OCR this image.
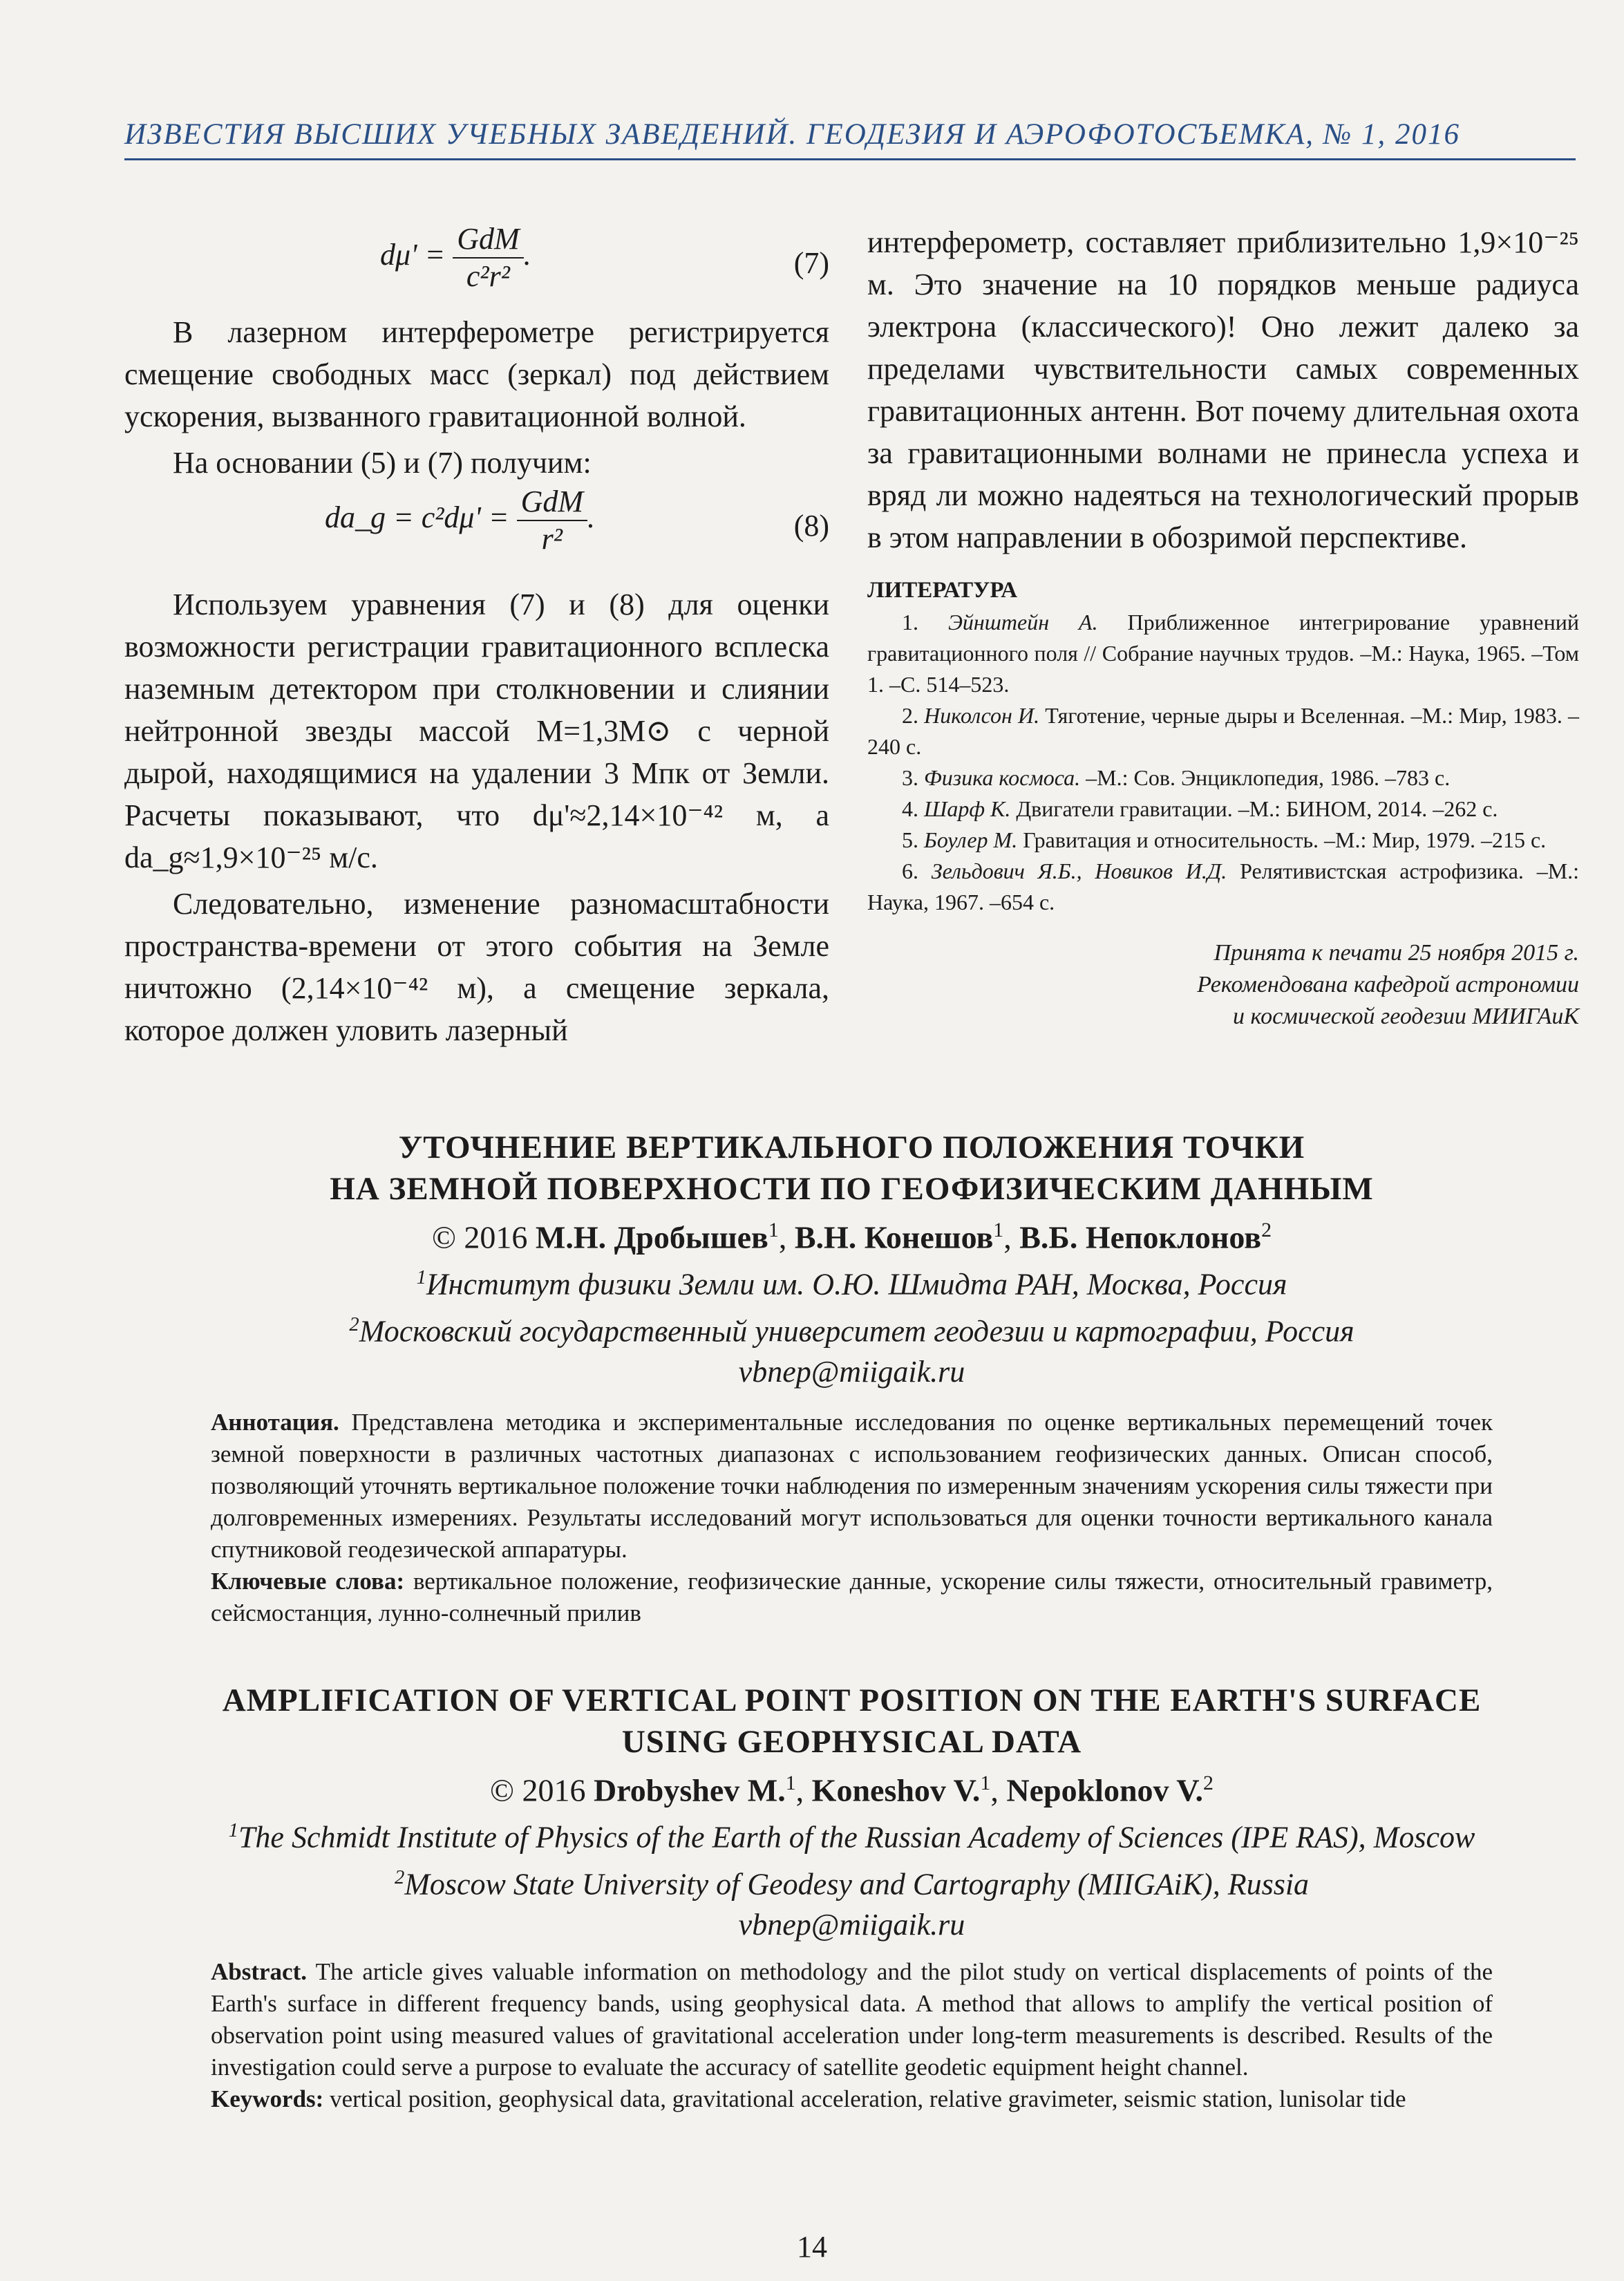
ИЗВЕСТИЯ ВЫСШИХ УЧЕБНЫХ ЗАВЕДЕНИЙ. ГЕОДЕЗИЯ И АЭРОФОТОСЪЕМКА, № 1, 2016
$d\mu' = \frac{\text{GdM}}{\text{c²r²}}$ .	(7)

В лазерном интерферометре регистрируется смещение свободных масс (зеркал) под действием ускорения, вызванного гравитационной волной.

На основании (5) и (7) получим:

da_g = $c^2d\mu' = \frac{\text{GdM}}{\text{r²}}$ .	(8)

Используем уравнения (7) и (8) для оценки возможности регистрации гравитационного всплеска наземным детектором при столкновении и слиянии нейтронной звезды массой M=1,3M⊙ с черной дырой, находящимися на удалении 3 Мпк от Земли. Расчеты показывают, что dμ'≈2,14×10⁻⁴² м, а da_g≈1,9×10⁻²⁵ м/с.

Следовательно, изменение разномасштабности пространства-времени от этого события на Земле ничтожно (2,14×10⁻⁴² м), а смещение зеркала, которое должен уловить лазерный

интерферометр, составляет приблизительно 1,9×10⁻²⁵ м. Это значение на 10 порядков меньше радиуса электрона (классического)! Оно лежит далеко за пределами чувствительности самых современных гравитационных антенн. Вот почему длительная охота за гравитационными волнами не принесла успеха и вряд ли можно надеяться на технологический прорыв в этом направлении в обозримой перспективе.

ЛИТЕРАТУРА

1. Эйнштейн А. Приближенное интегрирование уравнений гравитационного поля // Собрание научных трудов. –М.: Наука, 1965. –Том 1. –С. 514–523.

2. Николсон И. Тяготение, черные дыры и Вселенная. –М.: Мир, 1983. –240 с.

3. Физика космоса. –М.: Сов. Энциклопедия, 1986. –783 с.

4. Шарф К. Двигатели гравитации. –М.: БИНОМ, 2014. –262 с.

5. Боулер М. Гравитация и относительность. –М.: Мир, 1979. –215 с.

6. Зельдович Я.Б., Новиков И.Д. Релятивистская астрофизика. –М.: Наука, 1967. –654 с.

Принята к печати 25 ноября 2015 г.
Рекомендована кафедрой астрономии
и космической геодезии МИИГАиК
УТОЧНЕНИЕ ВЕРТИКАЛЬНОГО ПОЛОЖЕНИЯ ТОЧКИ
НА ЗЕМНОЙ ПОВЕРХНОСТИ ПО ГЕОФИЗИЧЕСКИМ ДАННЫМ
© 2016 М.Н. Дробышев$^1$, В.Н. Конешов$^1$, В.Б. Непоклонов$^2$
$^1$Институт физики Земли им. О.Ю. Шмидта РАН, Москва, Россия
$^2$Московский государственный университет геодезии и картографии, Россия
vbnep@miigaik.ru
Аннотация. Представлена методика и экспериментальные исследования по оценке вертикальных перемещений точек земной поверхности в различных частотных диапазонах с использованием геофизических данных. Описан способ, позволяющий уточнять вертикальное положение точки наблюдения по измеренным значениям ускорения силы тяжести при долговременных измерениях. Результаты исследований могут использоваться для оценки точности вертикального канала спутниковой геодезической аппаратуры.
Ключевые слова: вертикальное положение, геофизические данные, ускорение силы тяжести, относительный гравиметр, сейсмостанция, лунно-солнечный прилив
AMPLIFICATION OF VERTICAL POINT POSITION ON THE EARTH'S SURFACE
USING GEOPHYSICAL DATA
© 2016 Drobyshev M.$^1$, Koneshov V.$^1$, Nepoklonov V.$^2$
$^1$The Schmidt Institute of Physics of the Earth of the Russian Academy of Sciences (IPE RAS), Moscow
$^2$Moscow State University of Geodesy and Cartography (MIIGAiK), Russia
vbnep@miigaik.ru
Abstract. The article gives valuable information on methodology and the pilot study on vertical displacements of points of the Earth's surface in different frequency bands, using geophysical data. A method that allows to amplify the vertical position of observation point using measured values of gravitational acceleration under long-term measurements is described. Results of the investigation could serve a purpose to evaluate the accuracy of satellite geodetic equipment height channel.
Keywords: vertical position, geophysical data, gravitational acceleration, relative gravimeter, seismic station, lunisolar tide
14
